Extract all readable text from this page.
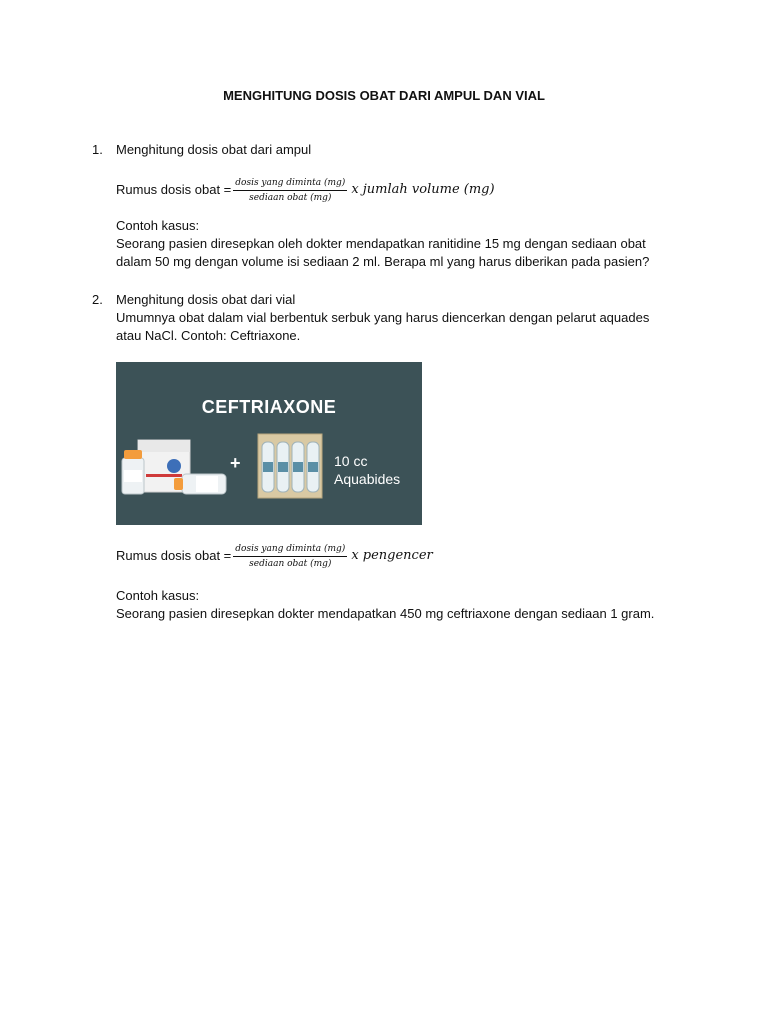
MENGHITUNG DOSIS OBAT DARI AMPUL DAN VIAL
1. Menghitung dosis obat dari ampul
Rumus dosis obat = $\frac{\text{dosis yang diminta (mg)}}{\text{sediaan obat (mg)}}$ x jumlah volume (mg)
Contoh kasus:
Seorang pasien diresepkan oleh dokter mendapatkan ranitidine 15 mg dengan sediaan obat
dalam 50 mg dengan volume isi sediaan 2 ml. Berapa ml yang harus diberikan pada pasien?
2. Menghitung dosis obat dari vial
Umumnya obat dalam vial berbentuk serbuk yang harus diencerkan dengan pelarut aquades
atau NaCl. Contoh: Ceftriaxone.
CEFTRIAXONE
+	10 cc
Aquabides
Rumus dosis obat = $\frac{\text{dosis yang diminta (mg)}}{\text{sediaan obat (mg)}}$ x pengencer
Contoh kasus:
Seorang pasien diresepkan dokter mendapatkan 450 mg ceftriaxone dengan sediaan 1 gram.
